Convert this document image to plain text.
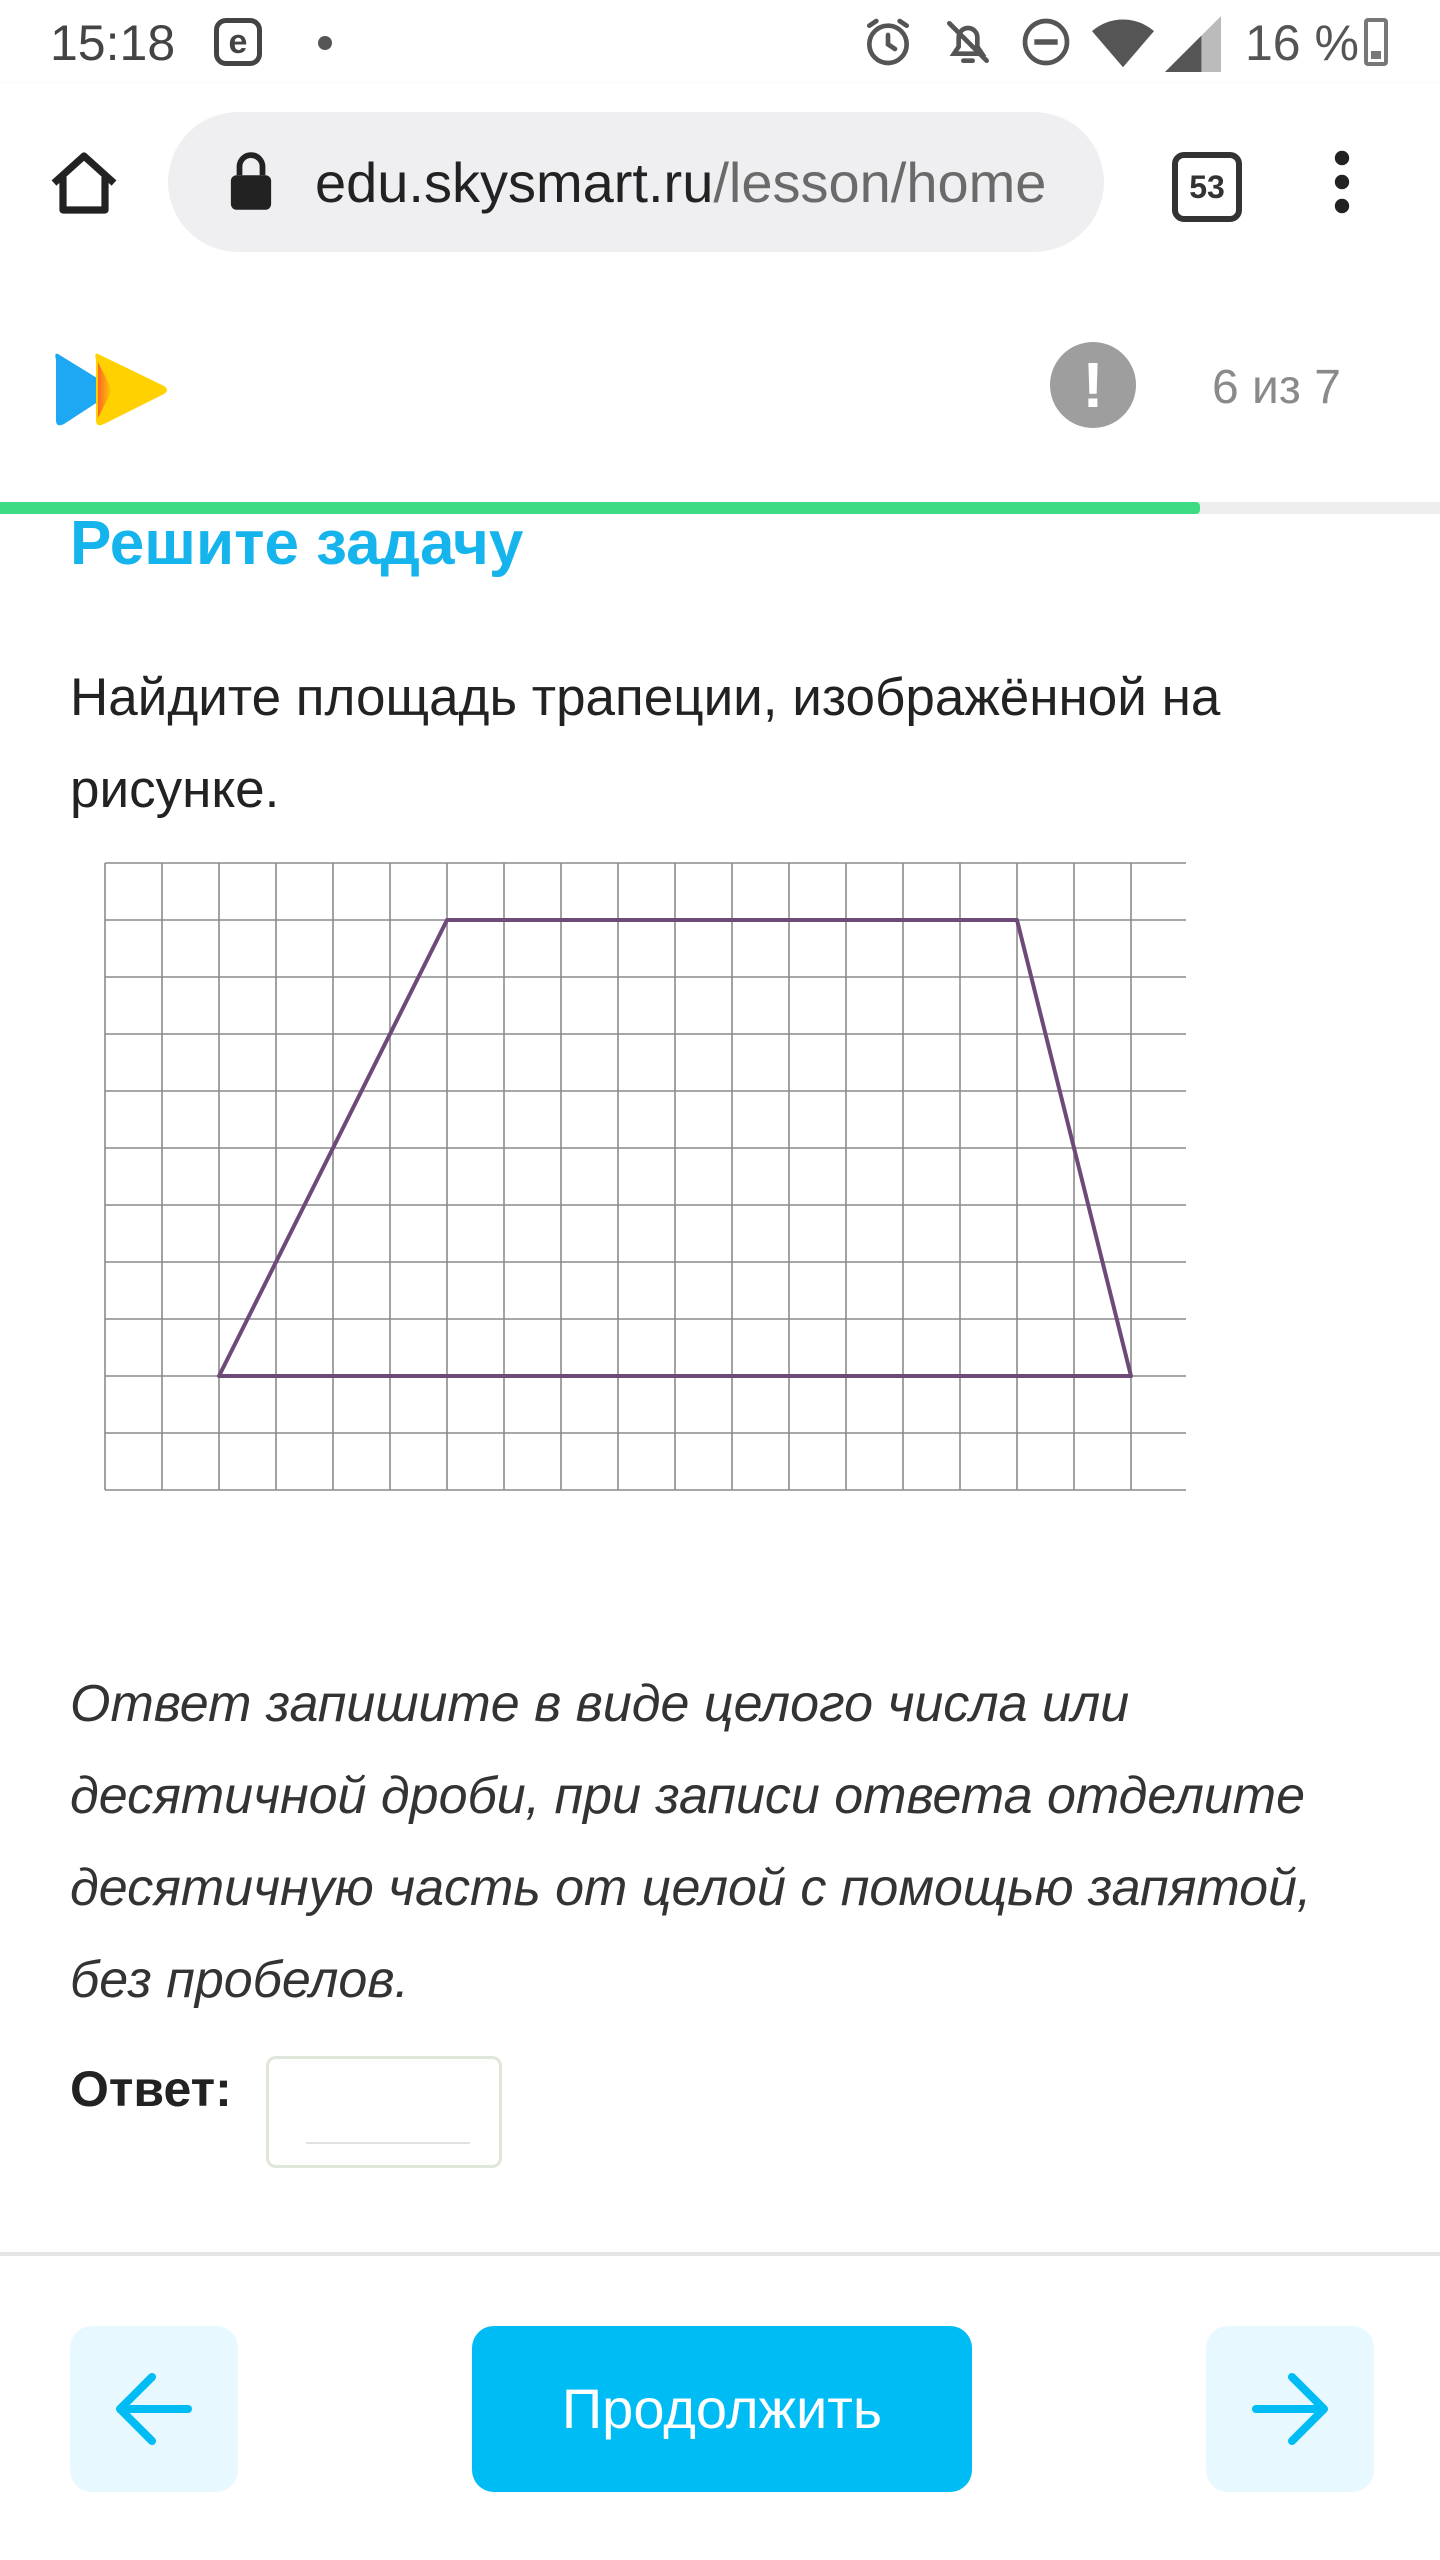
15:18	e	16 %
edu.skysmart.ru/lesson/home	53
!	6 из 7
Решите задачу
Найдите площадь трапеции, изображённой на рисунке.
Ответ запишите в виде целого числа или десятичной дроби, при записи ответа отделите десятичную часть от целой с помощью запятой, без пробелов.
Ответ:
Продолжить
